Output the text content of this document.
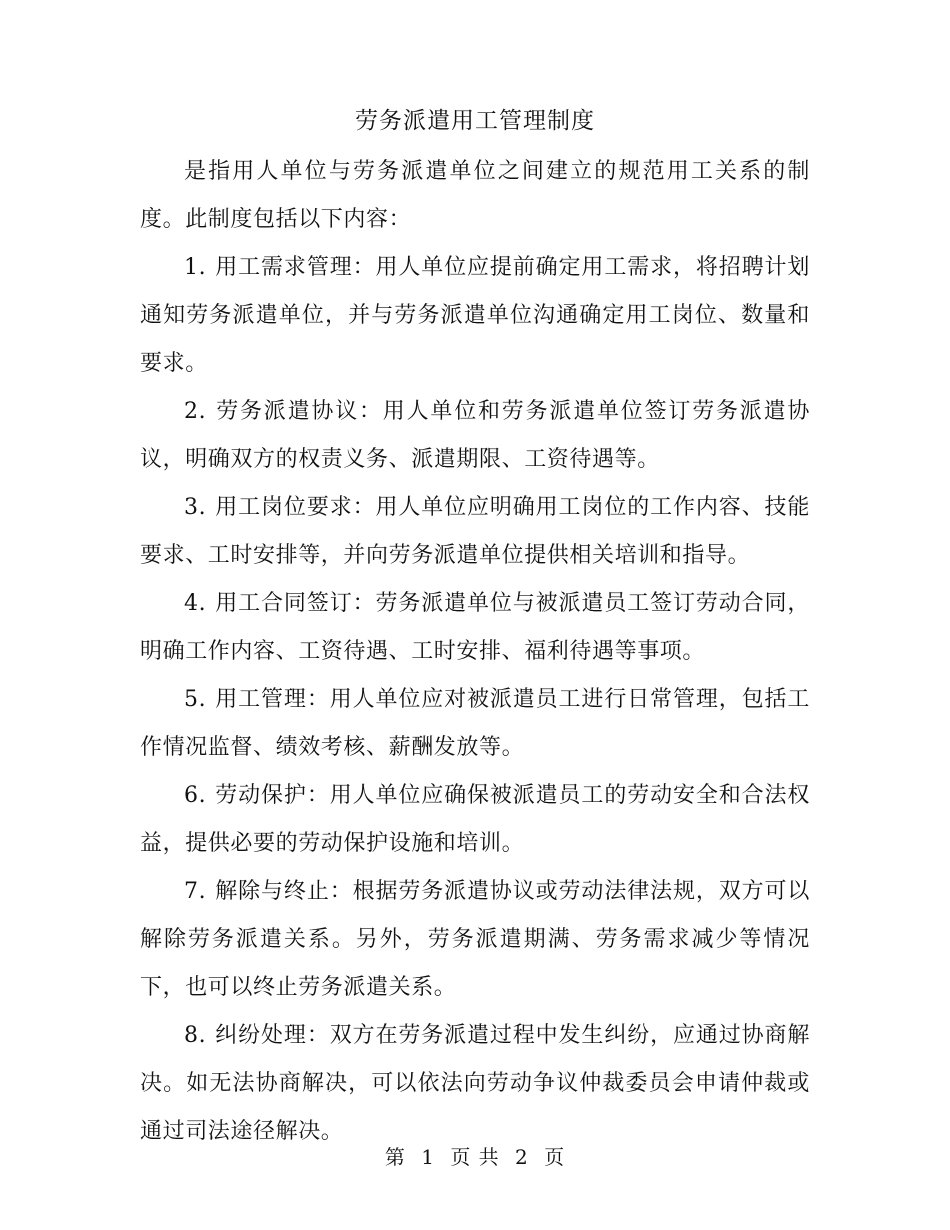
劳务派遣用工管理制度

是指用人单位与劳务派遣单位之间建立的规范用工关系的制度。此制度包括以下内容：

1. 用工需求管理：用人单位应提前确定用工需求，将招聘计划通知劳务派遣单位，并与劳务派遣单位沟通确定用工岗位、数量和要求。

2. 劳务派遣协议：用人单位和劳务派遣单位签订劳务派遣协议，明确双方的权责义务、派遣期限、工资待遇等。

3. 用工岗位要求：用人单位应明确用工岗位的工作内容、技能要求、工时安排等，并向劳务派遣单位提供相关培训和指导。

4. 用工合同签订：劳务派遣单位与被派遣员工签订劳动合同，明确工作内容、工资待遇、工时安排、福利待遇等事项。

5. 用工管理：用人单位应对被派遣员工进行日常管理，包括工作情况监督、绩效考核、薪酬发放等。

6. 劳动保护：用人单位应确保被派遣员工的劳动安全和合法权益，提供必要的劳动保护设施和培训。

7. 解除与终止：根据劳务派遣协议或劳动法律法规，双方可以解除劳务派遣关系。另外，劳务派遣期满、劳务需求减少等情况下，也可以终止劳务派遣关系。

8. 纠纷处理：双方在劳务派遣过程中发生纠纷，应通过协商解决。如无法协商解决，可以依法向劳动争议仲裁委员会申请仲裁或通过司法途径解决。

第 1 页 共 2 页
